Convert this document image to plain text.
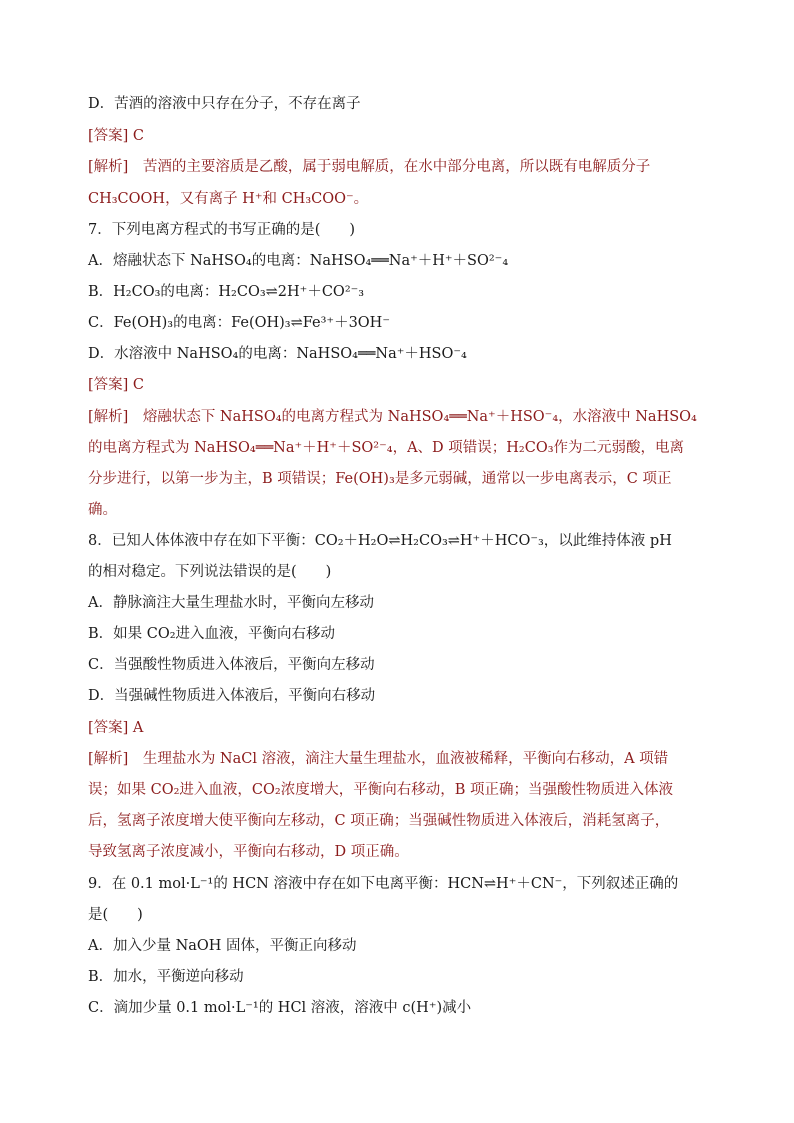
D．苦酒的溶液中只存在分子，不存在离子
[答案] C
[解析]　苦酒的主要溶质是乙酸，属于弱电解质，在水中部分电离，所以既有电解质分子
CH₃COOH，又有离子 H⁺和 CH₃COO⁻。
7．下列电离方程式的书写正确的是(　　)
A．熔融状态下 NaHSO₄的电离：NaHSO₄══Na⁺＋H⁺＋SO²⁻₄
B．H₂CO₃的电离：H₂CO₃⇌2H⁺＋CO²⁻₃
C．Fe(OH)₃的电离：Fe(OH)₃⇌Fe³⁺＋3OH⁻
D．水溶液中 NaHSO₄的电离：NaHSO₄══Na⁺＋HSO⁻₄
[答案] C
[解析]　熔融状态下 NaHSO₄的电离方程式为 NaHSO₄══Na⁺＋HSO⁻₄，水溶液中 NaHSO₄
的电离方程式为 NaHSO₄══Na⁺＋H⁺＋SO²⁻₄，A、D 项错误；H₂CO₃作为二元弱酸，电离
分步进行，以第一步为主，B 项错误；Fe(OH)₃是多元弱碱，通常以一步电离表示，C 项正
确。
8．已知人体体液中存在如下平衡：CO₂＋H₂O⇌H₂CO₃⇌H⁺＋HCO⁻₃，以此维持体液 pH
的相对稳定。下列说法错误的是(　　)
A．静脉滴注大量生理盐水时，平衡向左移动
B．如果 CO₂进入血液，平衡向右移动
C．当强酸性物质进入体液后，平衡向左移动
D．当强碱性物质进入体液后，平衡向右移动
[答案] A
[解析]　生理盐水为 NaCl 溶液，滴注大量生理盐水，血液被稀释，平衡向右移动，A 项错
误；如果 CO₂进入血液，CO₂浓度增大，平衡向右移动，B 项正确；当强酸性物质进入体液
后，氢离子浓度增大使平衡向左移动，C 项正确；当强碱性物质进入体液后，消耗氢离子，
导致氢离子浓度减小，平衡向右移动，D 项正确。
9．在 0.1 mol·L⁻¹的 HCN 溶液中存在如下电离平衡：HCN⇌H⁺＋CN⁻，下列叙述正确的
是(　　)
A．加入少量 NaOH 固体，平衡正向移动
B．加水，平衡逆向移动
C．滴加少量 0.1 mol·L⁻¹的 HCl 溶液，溶液中 c(H⁺)减小
